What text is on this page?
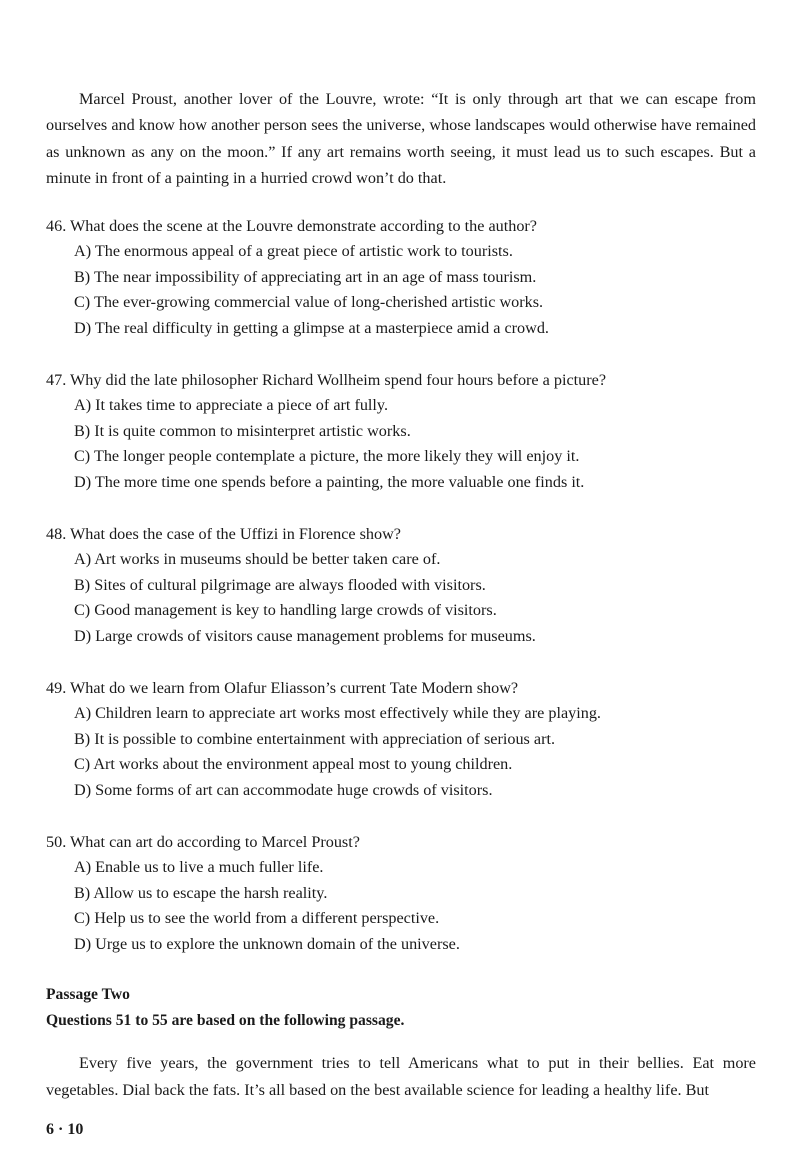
Marcel Proust, another lover of the Louvre, wrote: “It is only through art that we can escape from ourselves and know how another person sees the universe, whose landscapes would otherwise have remained as unknown as any on the moon.” If any art remains worth seeing, it must lead us to such escapes. But a minute in front of a painting in a hurried crowd won’t do that.

46. What does the scene at the Louvre demonstrate according to the author?

A) The enormous appeal of a great piece of artistic work to tourists.
B) The near impossibility of appreciating art in an age of mass tourism.
C) The ever-growing commercial value of long-cherished artistic works.
D) The real difficulty in getting a glimpse at a masterpiece amid a crowd.

47. Why did the late philosopher Richard Wollheim spend four hours before a picture?

A) It takes time to appreciate a piece of art fully.
B) It is quite common to misinterpret artistic works.
C) The longer people contemplate a picture, the more likely they will enjoy it.
D) The more time one spends before a painting, the more valuable one finds it.

48. What does the case of the Uffizi in Florence show?

A) Art works in museums should be better taken care of.
B) Sites of cultural pilgrimage are always flooded with visitors.
C) Good management is key to handling large crowds of visitors.
D) Large crowds of visitors cause management problems for museums.

49. What do we learn from Olafur Eliasson’s current Tate Modern show?

A) Children learn to appreciate art works most effectively while they are playing.
B) It is possible to combine entertainment with appreciation of serious art.
C) Art works about the environment appeal most to young children.
D) Some forms of art can accommodate huge crowds of visitors.

50. What can art do according to Marcel Proust?

A) Enable us to live a much fuller life.
B) Allow us to escape the harsh reality.
C) Help us to see the world from a different perspective.
D) Urge us to explore the unknown domain of the universe.

Passage Two

Questions 51 to 55 are based on the following passage.

Every five years, the government tries to tell Americans what to put in their bellies. Eat more vegetables. Dial back the fats. It’s all based on the best available science for leading a healthy life. But

6 · 10
